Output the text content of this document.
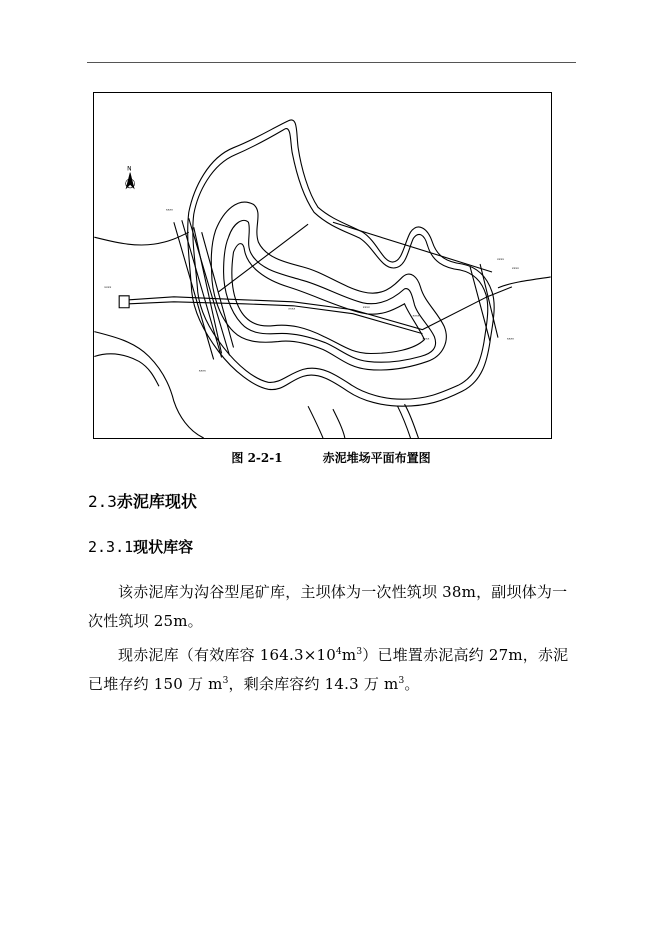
N
xxxx
xxxx
xxxx
xxxx	xxxx
xxxx
xxxx
xxxx
xxxx
xxxx
图 2-2-1	赤泥堆场平面布置图
2.3赤泥库现状
2.3.1现状库容
该赤泥库为沟谷型尾矿库，主坝体为一次性筑坝 38m，副坝体为一次性筑坝 25m。
现赤泥库（有效库容 $164.3\times 10^4m^3$）已堆置赤泥高约 27m，赤泥已堆存约 150 万 $m^3$，剩余库容约 14.3 万 $m^3$。
